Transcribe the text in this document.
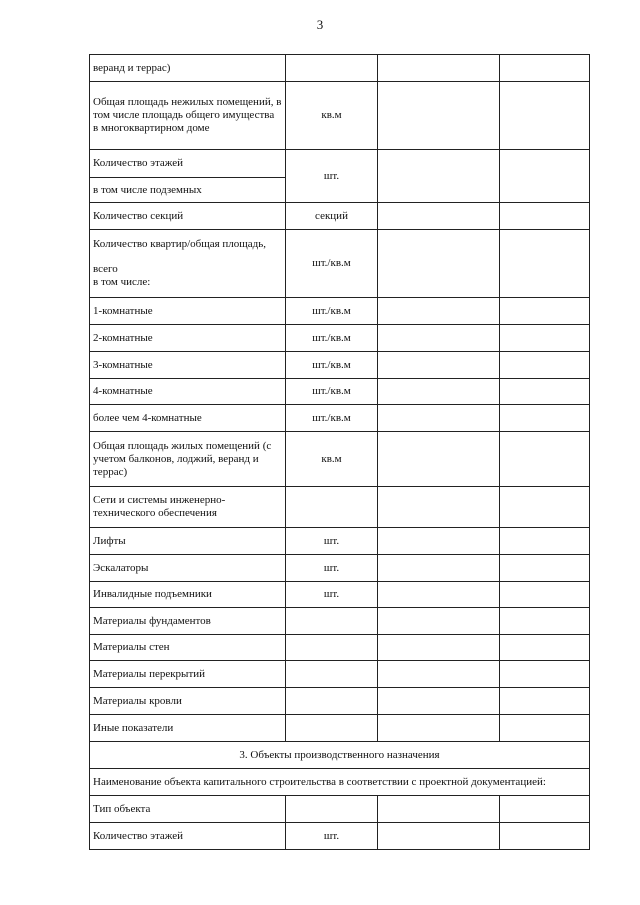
3
веранд и террас)			
Общая площадь нежилых помещений, в том числе площадь общего имущества в многоквартирном доме	кв.м		
Количество этажей	шт.		
в том числе подземных			
Количество секций	секций		
Количество квартир/общая площадь,
всего
в том числе:	шт./кв.м		
1-комнатные	шт./кв.м		
2-комнатные	шт./кв.м		
3-комнатные	шт./кв.м		
4-комнатные	шт./кв.м		
более чем 4-комнатные	шт./кв.м		
Общая площадь жилых помещений (с учетом балконов, лоджий, веранд и террас)	кв.м		
Сети и системы инженерно-технического обеспечения			
Лифты	шт.		
Эскалаторы	шт.		
Инвалидные подъемники	шт.		
Материалы фундаментов			
Материалы стен			
Материалы перекрытий			
Материалы кровли			
Иные показатели			
3. Объекты производственного назначения			
Наименование объекта капитального строительства в соответствии с проектной документацией:			
Тип объекта			
Количество этажей	шт.		
